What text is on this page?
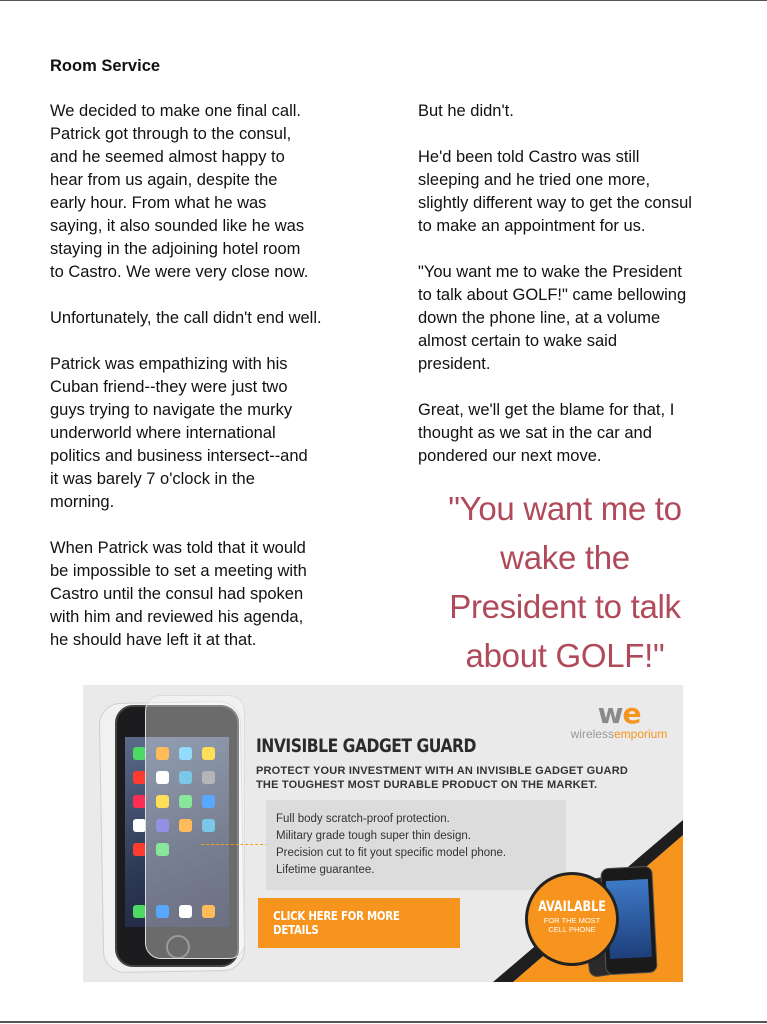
Room Service

We decided to make one final call.
Patrick got through to the consul,
and he seemed almost happy to
hear from us again, despite the
early hour. From what he was
saying, it also sounded like he was
staying in the adjoining hotel room
to Castro. We were very close now.

Unfortunately, the call didn't end well.

Patrick was empathizing with his
Cuban friend--they were just two
guys trying to navigate the murky
underworld where international
politics and business intersect--and
it was barely 7 o'clock in the
morning.

When Patrick was told that it would
be impossible to set a meeting with
Castro until the consul had spoken
with him and reviewed his agenda,
he should have left it at that.

But he didn't.

He'd been told Castro was still
sleeping and he tried one more,
slightly different way to get the consul
to make an appointment for us.

"You want me to wake the President
to talk about GOLF!" came bellowing
down the phone line, at a volume
almost certain to wake said
president.

Great, we'll get the blame for that, I
thought as we sat in the car and
pondered our next move.

"You want me to
wake the
President to talk
about GOLF!"
we
wirelessemporium
INVISIBLE GADGET GUARD
PROTECT YOUR INVESTMENT WITH AN INVISIBLE GADGET GUARD
THE TOUGHEST MOST DURABLE PRODUCT ON THE MARKET.
Full body scratch-proof protection.
Military grade tough super thin design.
Precision cut to fit yout specific model phone.
Lifetime guarantee.
CLICK HERE FOR MORE DETAILS
AVAILABLE
FOR THE MOST
CELL PHONE
